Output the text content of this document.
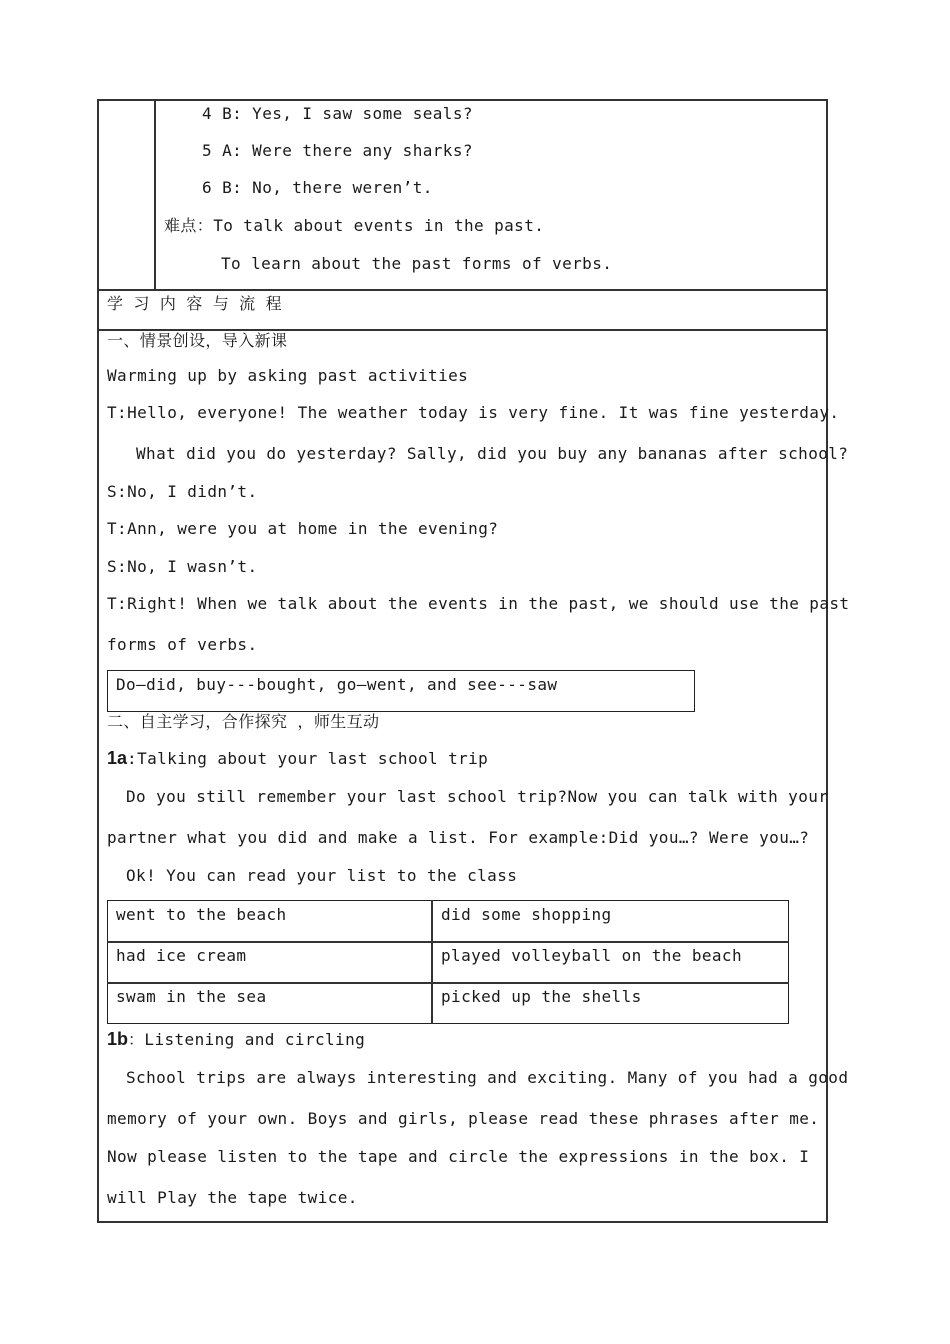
4 B: Yes, I saw some seals?
5 A: Were there any sharks?
6 B: No, there weren’t.
难点：To talk about events in the past.
To learn about the past forms of verbs.
学 习 内 容 与 流 程
一、情景创设，导入新课
Warming up by asking past activities
T:Hello, everyone! The weather today is very fine. It was fine yesterday.
What did you do yesterday? Sally, did you buy any bananas after school?
S:No, I didn’t.
T:Ann, were you at home in the evening?
S:No, I wasn’t.
T:Right! When we talk about the events in the past, we should use the past
forms of verbs.
Do—did, buy---bought, go—went, and see---saw
二、自主学习，合作探究 ，师生互动
1a:Talking about your last school trip
Do you still remember your last school trip?Now you can talk with your
partner what you did and make a list. For example:Did you…? Were you…?
Ok! You can read your list to the class
went to the beach	did some shopping
had ice cream	played volleyball on the beach
swam in the sea	picked up the shells
1b：Listening and circling
School trips are always interesting and exciting. Many of you had a good
memory of your own. Boys and girls, please read these phrases after me.
Now please listen to the tape and circle the expressions in the box. I
will Play the tape twice.
